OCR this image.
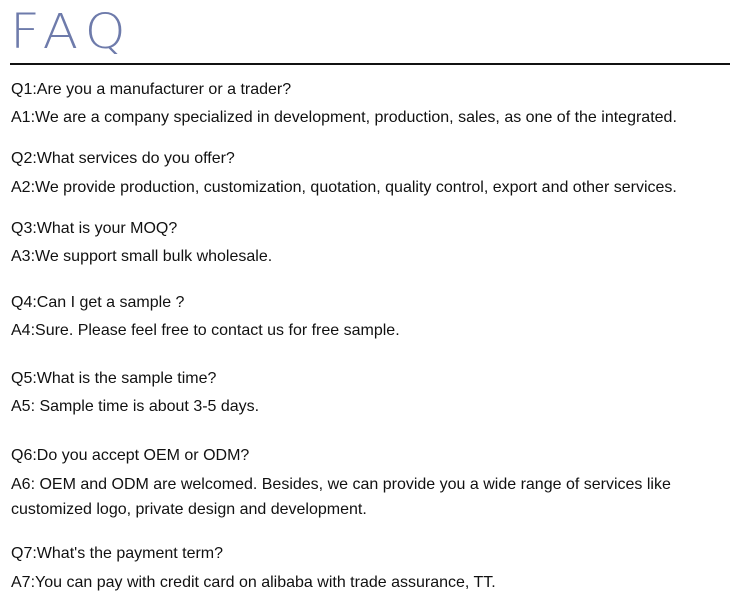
FAQ

Q1:Are you a manufacturer or a trader?

A1:We are a company specialized in development, production, sales, as one of the integrated.

Q2:What services do you offer?

A2:We provide production, customization, quotation, quality control, export and other services.

Q3:What is your MOQ?

A3:We support small bulk wholesale.

Q4:Can I get a sample ?

A4:Sure. Please feel free to contact us for free sample.

Q5:What is the sample time?

A5: Sample time is about 3-5 days.

Q6:Do you accept OEM or ODM?

A6: OEM and ODM are welcomed. Besides, we can provide you a wide range of services like customized logo, private design and development.

Q7:What's the payment term?

A7:You can pay with credit card on alibaba with trade assurance, TT.
